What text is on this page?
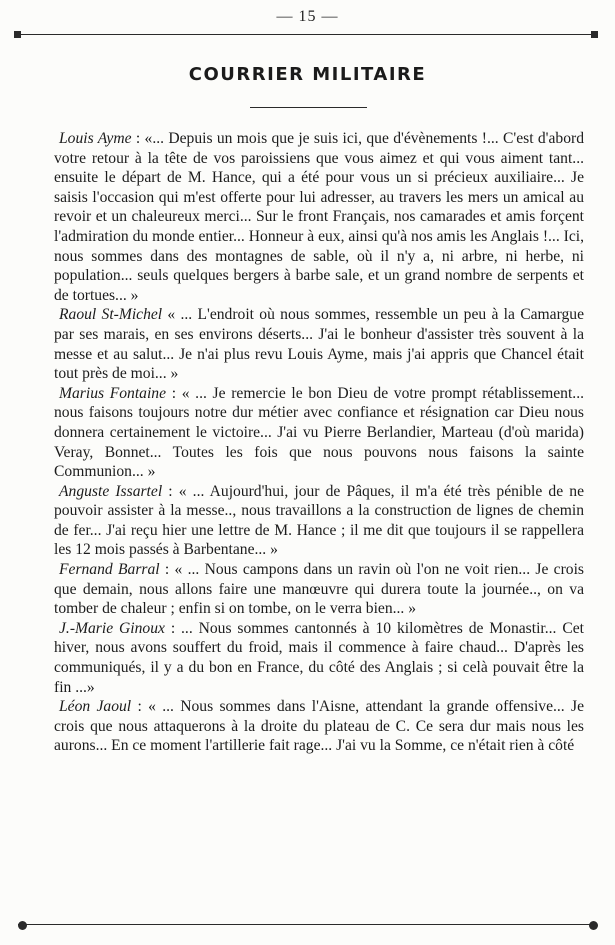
— 15 —
COURRIER MILITAIRE

Louis Ayme : «... Depuis un mois que je suis ici, que d'évènements !... C'est d'abord votre retour à la tête de vos paroissiens que vous aimez et qui vous aiment tant... ensuite le départ de M. Hance, qui a été pour vous un si précieux auxiliaire... Je saisis l'occasion qui m'est offerte pour lui adresser, au travers les mers un amical au revoir et un chaleureux merci... Sur le front Français, nos camarades et amis forçent l'admiration du monde entier... Honneur à eux, ainsi qu'à nos amis les Anglais !... Ici, nous sommes dans des montagnes de sable, où il n'y a, ni arbre, ni herbe, ni population... seuls quelques bergers à barbe sale, et un grand nombre de serpents et de tortues... »

Raoul St-Michel « ... L'endroit où nous sommes, ressemble un peu à la Camargue par ses marais, en ses environs déserts... J'ai le bonheur d'assister très souvent à la messe et au salut... Je n'ai plus revu Louis Ayme, mais j'ai appris que Chancel était tout près de moi... »

Marius Fontaine : « ... Je remercie le bon Dieu de votre prompt rétablissement... nous faisons toujours notre dur métier avec confiance et résignation car Dieu nous donnera certainement le victoire... J'ai vu Pierre Berlandier, Marteau (d'où marida) Veray, Bonnet... Toutes les fois que nous pouvons nous faisons la sainte Communion... »

Anguste Issartel : « ... Aujourd'hui, jour de Pâques, il m'a été très pénible de ne pouvoir assister à la messe.., nous travaillons a la construction de lignes de chemin de fer... J'ai reçu hier une lettre de M. Hance ; il me dit que toujours il se rappellera les 12 mois passés à Barbentane... »

Fernand Barral : « ... Nous campons dans un ravin où l'on ne voit rien... Je crois que demain, nous allons faire une manœuvre qui durera toute la journée.., on va tomber de chaleur ; enfin si on tombe, on le verra bien... »

J.-Marie Ginoux : ... Nous sommes cantonnés à 10 kilomètres de Monastir... Cet hiver, nous avons souffert du froid, mais il commence à faire chaud... D'après les communiqués, il y a du bon en France, du côté des Anglais ; si celà pouvait être la fin ...»

Léon Jaoul : « ... Nous sommes dans l'Aisne, attendant la grande offensive... Je crois que nous attaquerons à la droite du plateau de C. Ce sera dur mais nous les aurons... En ce moment l'artillerie fait rage... J'ai vu la Somme, ce n'était rien à côté
